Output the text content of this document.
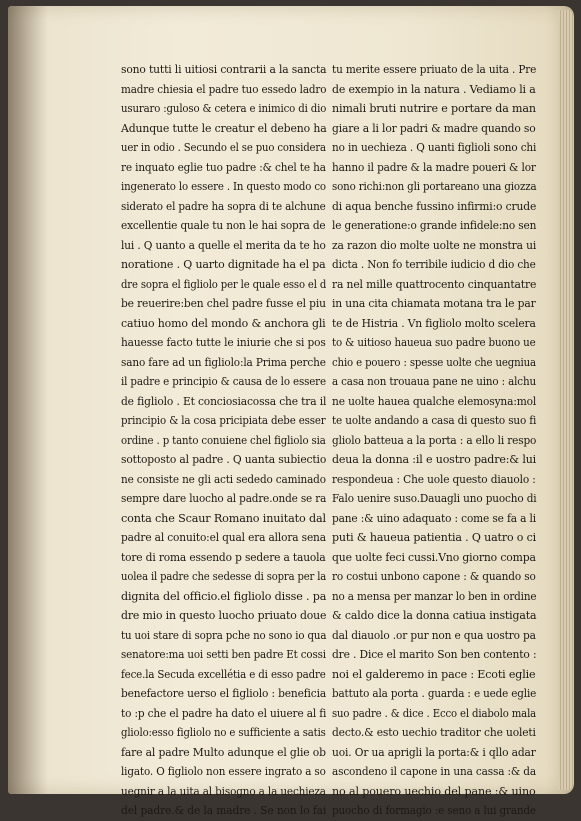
sono tutti li uitiosi contrarii a la sancta
madre chiesia el padre tuo essedo ladro
usuraro :guloso & cetera e inimico di dio
Adunque tutte le creatur el debeno ha
uer in odio . Secundo el se puo considera
re inquato eglie tuo padre :& chel te ha
ingenerato lo essere . In questo modo co
siderato el padre ha sopra di te alchune
excellentie quale tu non le hai sopra de
lui . Q uanto a quelle el merita da te ho
noratione . Q uarto dignitade ha el pa
dre sopra el figliolo per le quale esso el d
be reuerire:ben chel padre fusse el piu
catiuo homo del mondo & anchora gli
hauesse facto tutte le iniurie che si pos
sano fare ad un figliolo:la Prima perche
il padre e principio & causa de lo essere
de figliolo . Et conciosiacossa che tra il
principio & la cosa pricipiata debe esser
ordine . p tanto conuiene chel figliolo sia
sottoposto al padre . Q uanta subiectio
ne consiste ne gli acti sededo caminado
sempre dare luocho al padre.onde se ra
conta che Scaur Romano inuitato dal
padre al conuito:el qual era allora sena
tore di roma essendo p sedere a tauola
uolea il padre che sedesse di sopra per la
dignita del officio.el figliolo disse . pa
dre mio in questo luocho priuato doue
tu uoi stare di sopra pche no sono io qua
senatore:ma uoi setti ben padre Et cossi
fece.la Secuda excellétia e di esso padre
benefactore uerso el figliolo : beneficia
to :p che el padre ha dato el uiuere al fi
gliolo:esso figliolo no e sufficiente a satis
fare al padre Multo adunque el glie ob
ligato. O figliolo non essere ingrato a so
uegnir a la uita al bisogno a la uechieza
del padre.& de la madre . Se non lo fai
tu merite essere priuato de la uita . Pre
de exempio in la natura . Vediamo li a
nimali bruti nutrire e portare da man
giare a li lor padri & madre quando so
no in uechieza . Q uanti figlioli sono chi
hanno il padre & la madre poueri & lor
sono richi:non gli portareano una giozza
di aqua benche fussino infirmi:o crude
le generatione:o grande infidele:no sen
za razon dio molte uolte ne monstra ui
dicta . Non fo terribile iudicio d dio che
ra nel mille quattrocento cinquantatre
in una cita chiamata motana tra le par
te de Histria . Vn figliolo molto scelera
to & uitioso haueua suo padre buono ue
chio e pouero : spesse uolte che uegniua
a casa non trouaua pane ne uino : alchu
ne uolte hauea qualche elemosyna:mol
te uolte andando a casa di questo suo fi
gliolo batteua a la porta : a ello li respo
deua la donna :il e uostro padre:& lui
respondeua : Che uole questo diauolo :
Falo uenire suso.Dauagli uno puocho di
pane :& uino adaquato : come se fa a li
puti & haueua patientia . Q uatro o ci
que uolte feci cussi.Vno giorno compa
ro costui unbono capone : & quando so
no a mensa per manzar lo ben in ordine
& caldo dice la donna catiua instigata
dal diauolo .or pur non e qua uostro pa
dre . Dice el marito Son ben contento :
noi el galderemo in pace : Ecoti eglie
battuto ala porta . guarda : e uede eglie
suo padre . & dice . Ecco el diabolo mala
decto.& esto uechio traditor che uoleti
uoi. Or ua aprigli la porta:& i qllo adar
ascondeno il capone in una cassa :& da
no al pouero uechio del pane :& uino
puocho di formagio :e seno a lui grande
